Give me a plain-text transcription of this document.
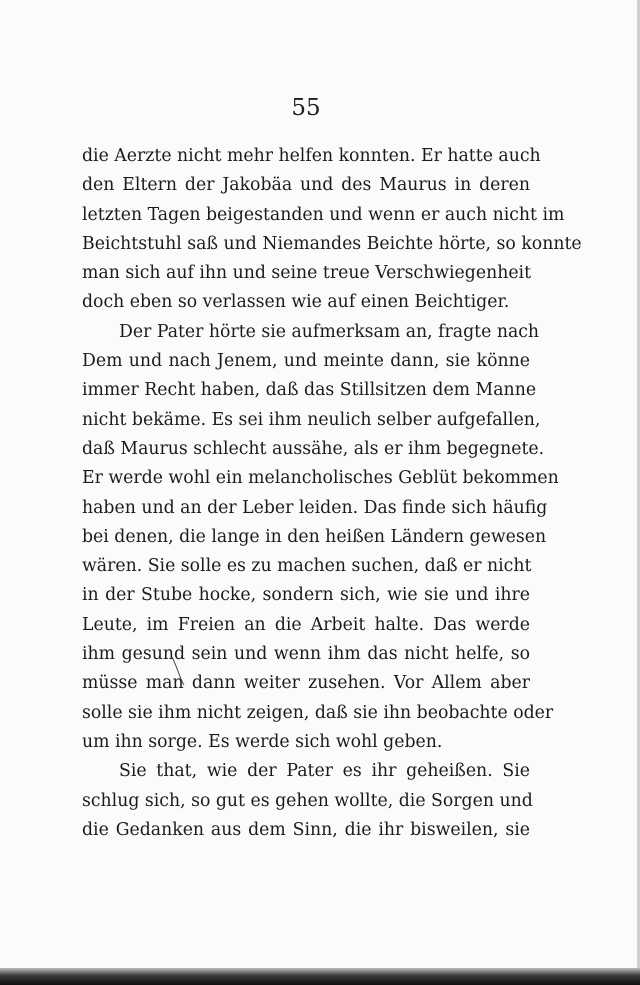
55
die Aerzte nicht mehr helfen konnten. Er hatte auch
den Eltern der Jakobäa und des Maurus in deren
letzten Tagen beigestanden und wenn er auch nicht im
Beichtstuhl saß und Niemandes Beichte hörte, so konnte
man sich auf ihn und seine treue Verschwiegenheit
doch eben so verlassen wie auf einen Beichtiger.
Der Pater hörte sie aufmerksam an, fragte nach
Dem und nach Jenem, und meinte dann, sie könne
immer Recht haben, daß das Stillsitzen dem Manne
nicht bekäme. Es sei ihm neulich selber aufgefallen,
daß Maurus schlecht aussähe, als er ihm begegnete.
Er werde wohl ein melancholisches Geblüt bekommen
haben und an der Leber leiden. Das finde sich häufig
bei denen, die lange in den heißen Ländern gewesen
wären. Sie solle es zu machen suchen, daß er nicht
in der Stube hocke, sondern sich, wie sie und ihre
Leute, im Freien an die Arbeit halte. Das werde
ihm gesund sein und wenn ihm das nicht helfe, so
müsse man dann weiter zusehen. Vor Allem aber
solle sie ihm nicht zeigen, daß sie ihn beobachte oder
um ihn sorge. Es werde sich wohl geben.
Sie that, wie der Pater es ihr geheißen. Sie
schlug sich, so gut es gehen wollte, die Sorgen und
die Gedanken aus dem Sinn, die ihr bisweilen, sie
